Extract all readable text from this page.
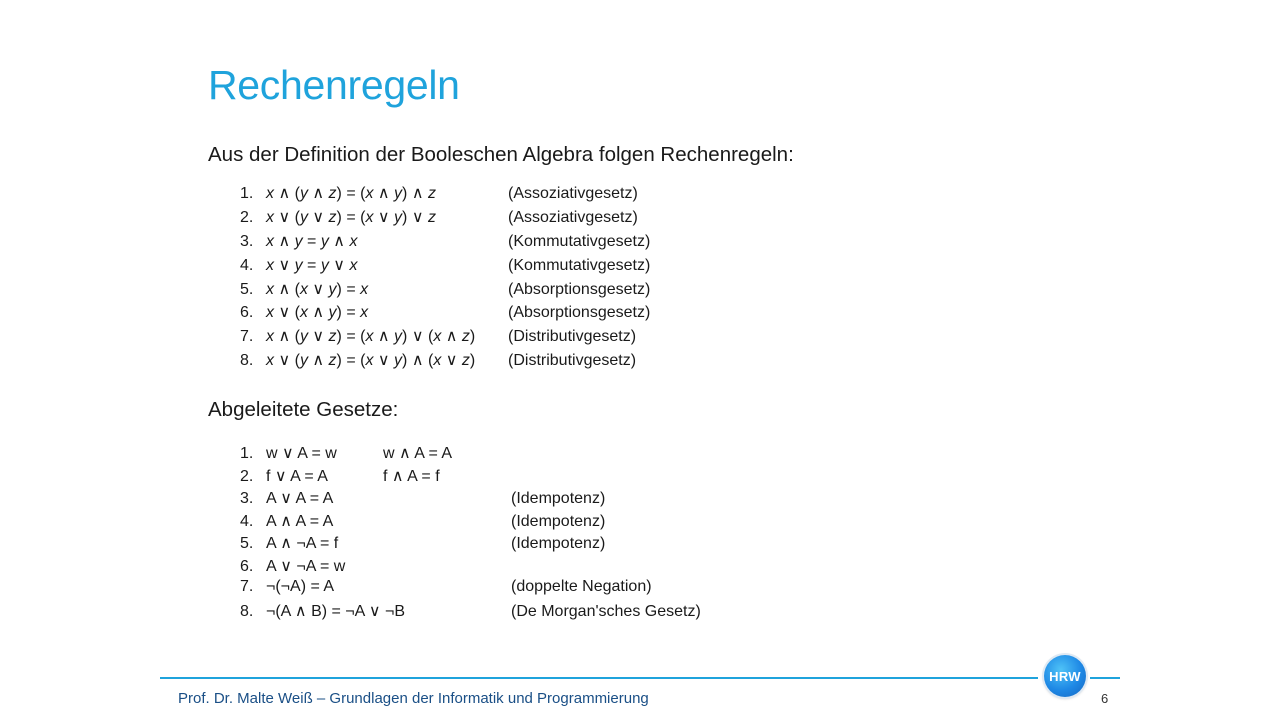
Rechenregeln
Aus der Definition der Booleschen Algebra folgen Rechenregeln:
1. x ∧ (y ∧ z) = (x ∧ y) ∧ z	(Assoziativgesetz)
2. x ∨ (y ∨ z) = (x ∨ y) ∨ z	(Assoziativgesetz)
3. x ∧ y = y ∧ x	(Kommutativgesetz)
4. x ∨ y = y ∨ x	(Kommutativgesetz)
5. x ∧ (x ∨ y) = x	(Absorptionsgesetz)
6. x ∨ (x ∧ y) = x	(Absorptionsgesetz)
7. x ∧ (y ∨ z) = (x ∧ y) ∨ (x ∧ z)	(Distributivgesetz)
8. x ∨ (y ∧ z) = (x ∨ y) ∧ (x ∨ z)	(Distributivgesetz)
Abgeleitete Gesetze:
1. w ∨ A = w	w ∧ A = A
2. f ∨ A = A	f ∧ A = f
3. A ∨ A = A	(Idempotenz)
4. A ∧ A = A	(Idempotenz)
5. A ∧ ¬A = f	(Idempotenz)
6. A ∨ ¬A = w
7. ¬(¬A) = A	(doppelte Negation)
8. ¬(A ∧ B) = ¬A ∨ ¬B	(De Morgan'sches Gesetz)
HRW
Prof. Dr. Malte Weiß – Grundlagen der Informatik und Programmierung	6
